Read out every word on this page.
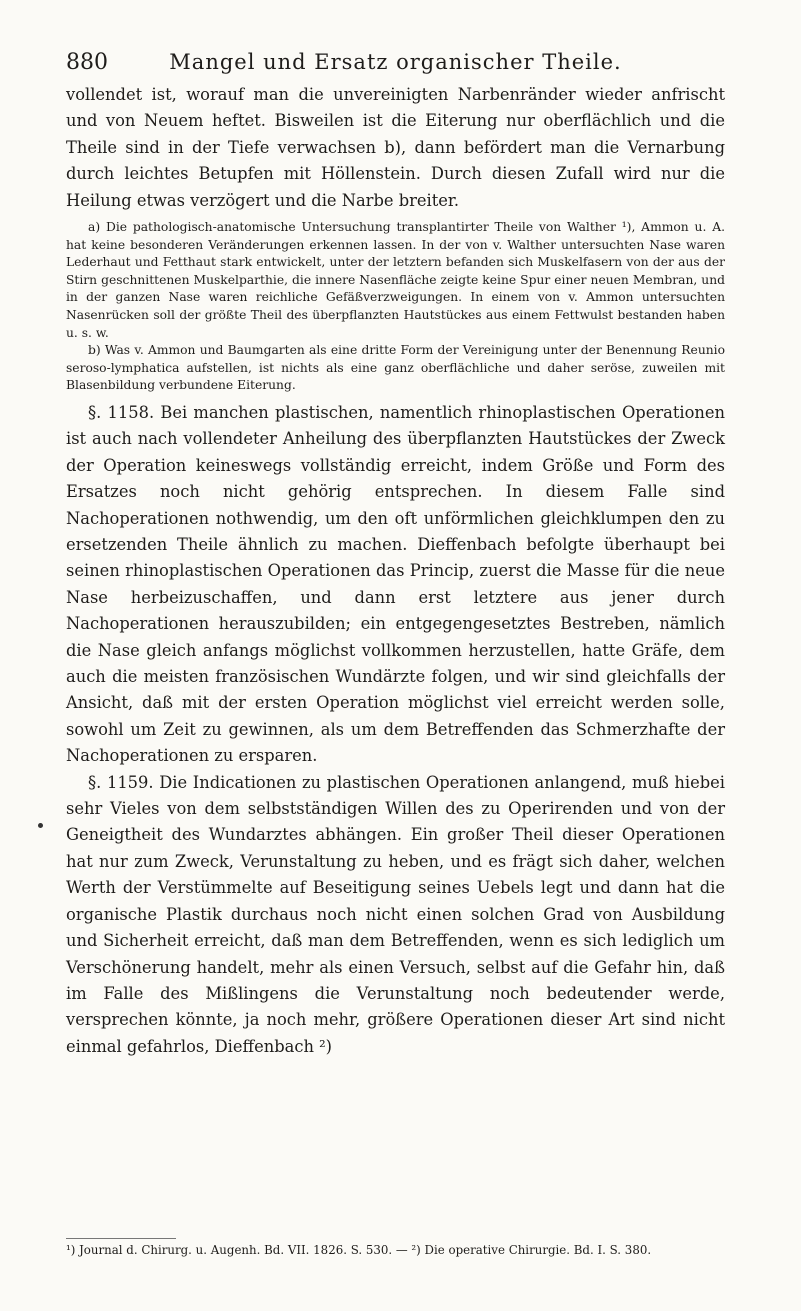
880	Mangel und Ersatz organischer Theile.

vollendet ist, worauf man die unvereinigten Narbenränder wieder anfrischt und von Neuem heftet. Bisweilen ist die Eiterung nur oberflächlich und die Theile sind in der Tiefe verwachsen b), dann befördert man die Vernarbung durch leichtes Betupfen mit Höllenstein. Durch diesen Zufall wird nur die Heilung etwas verzögert und die Narbe breiter.

a) Die pathologisch-anatomische Untersuchung transplantirter Theile von Walther ¹), Ammon u. A. hat keine besonderen Veränderungen erkennen lassen. In der von v. Walther untersuchten Nase waren Lederhaut und Fetthaut stark entwickelt, unter der letztern befanden sich Muskelfasern von der aus der Stirn geschnittenen Muskelparthie, die innere Nasenfläche zeigte keine Spur einer neuen Membran, und in der ganzen Nase waren reichliche Gefäßverzweigungen. In einem von v. Ammon untersuchten Nasenrücken soll der größte Theil des überpflanzten Hautstückes aus einem Fettwulst bestanden haben u. s. w.

b) Was v. Ammon und Baumgarten als eine dritte Form der Vereinigung unter der Benennung Reunio seroso-lymphatica aufstellen, ist nichts als eine ganz oberflächliche und daher seröse, zuweilen mit Blasenbildung verbundene Eiterung.

§. 1158. Bei manchen plastischen, namentlich rhinoplastischen Operationen ist auch nach vollendeter Anheilung des überpflanzten Hautstückes der Zweck der Operation keineswegs vollständig erreicht, indem Größe und Form des Ersatzes noch nicht gehörig entsprechen. In diesem Falle sind Nachoperationen nothwendig, um den oft unförmlichen gleichklumpen den zu ersetzenden Theile ähnlich zu machen. Dieffenbach befolgte überhaupt bei seinen rhinoplastischen Operationen das Princip, zuerst die Masse für die neue Nase herbeizuschaffen, und dann erst letztere aus jener durch Nachoperationen herauszubilden; ein entgegengesetztes Bestreben, nämlich die Nase gleich anfangs möglichst vollkommen herzustellen, hatte Gräfe, dem auch die meisten französischen Wundärzte folgen, und wir sind gleichfalls der Ansicht, daß mit der ersten Operation möglichst viel erreicht werden solle, sowohl um Zeit zu gewinnen, als um dem Betreffenden das Schmerzhafte der Nachoperationen zu ersparen.

§. 1159. Die Indicationen zu plastischen Operationen anlangend, muß hiebei sehr Vieles von dem selbstständigen Willen des zu Operirenden und von der Geneigtheit des Wundarztes abhängen. Ein großer Theil dieser Operationen hat nur zum Zweck, Verunstaltung zu heben, und es frägt sich daher, welchen Werth der Verstümmelte auf Beseitigung seines Uebels legt und dann hat die organische Plastik durchaus noch nicht einen solchen Grad von Ausbildung und Sicherheit erreicht, daß man dem Betreffenden, wenn es sich lediglich um Verschönerung handelt, mehr als einen Versuch, selbst auf die Gefahr hin, daß im Falle des Mißlingens die Verunstaltung noch bedeutender werde, versprechen könnte, ja noch mehr, größere Operationen dieser Art sind nicht einmal gefahrlos, Dieffenbach ²)

¹) Journal d. Chirurg. u. Augenh. Bd. VII. 1826. S. 530. — ²) Die operative Chirurgie. Bd. I. S. 380.
